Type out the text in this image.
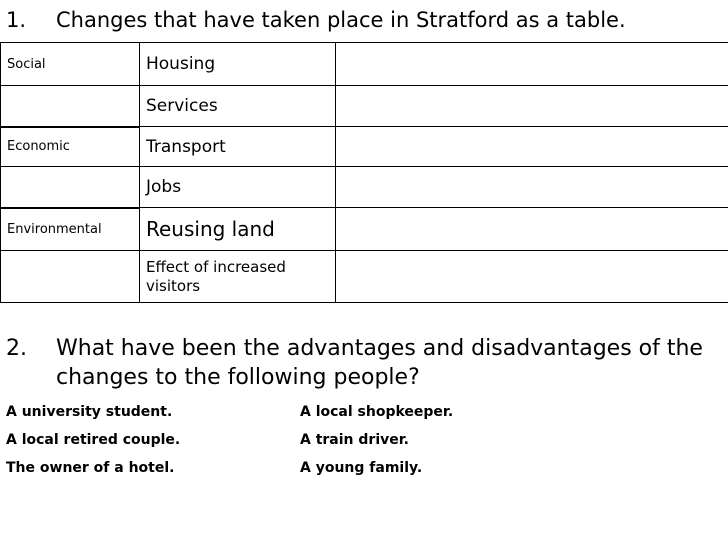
1. Changes that have taken place in Stratford as a table.
Social	Housing	
	Services	
Economic	Transport	
	Jobs	
Environmental	Reusing land	
	Effect of increased visitors	
2. What have been the advantages and disadvantages of the changes to the following people?
A university student.	A local shopkeeper.
A local retired couple.	A train driver.
The owner of a hotel.	A young family.
